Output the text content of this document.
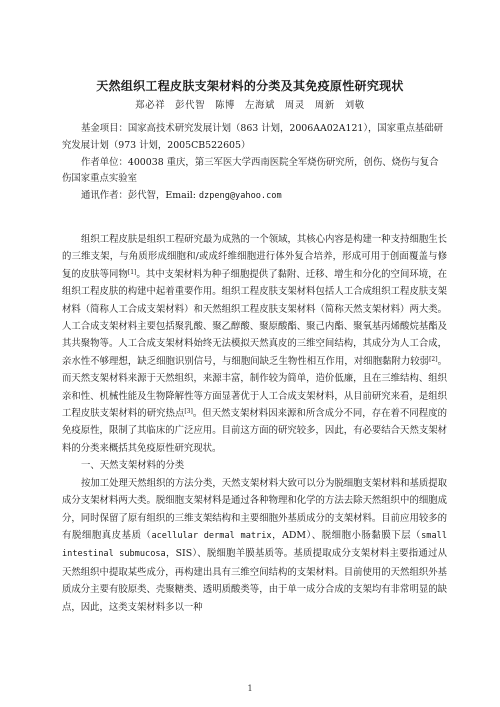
天然组织工程皮肤支架材料的分类及其免疫原性研究现状
郑必祥　彭代智　陈博　左海斌　周灵　周新　刘敬

基金项目：国家高技术研究发展计划（863 计划，2006AA02A121），国家重点基础研究发展计划（973 计划，2005CB522605）

作者单位：400038 重庆，第三军医大学西南医院全军烧伤研究所，创伤、烧伤与复合伤国家重点实验室

通讯作者：彭代智，Email: dzpeng@yahoo.com

组织工程皮肤是组织工程研究最为成熟的一个领域，其核心内容是构建一种支持细胞生长的三维支架，与角质形成细胞和/或成纤维细胞进行体外复合培养，形成可用于创面覆盖与修复的皮肤等同物[1]。其中支架材料为种子细胞提供了黏附、迁移、增生和分化的空间环境，在组织工程皮肤的构建中起着重要作用。组织工程皮肤支架材料包括人工合成组织工程皮肤支架材料（简称人工合成支架材料）和天然组织工程皮肤支架材料（简称天然支架材料）两大类。人工合成支架材料主要包括聚乳酸、聚乙醇酸、聚原酸酯、聚己内酯、聚氧基丙烯酸烷基酯及其共聚物等。人工合成支架材料始终无法模拟天然真皮的三维空间结构，其成分为人工合成，亲水性不够理想，缺乏细胞识别信号，与细胞间缺乏生物性相互作用，对细胞黏附力较弱[2]。而天然支架材料来源于天然组织，来源丰富，制作较为简单，造价低廉，且在三维结构、组织亲和性、机械性能及生物降解性等方面显著优于人工合成支架材料，从目前研究来看，是组织工程皮肤支架材料的研究热点[3]。但天然支架材料因来源和所含成分不同，存在着不同程度的免疫原性，限制了其临床的广泛应用。目前这方面的研究较多，因此，有必要结合天然支架材料的分类来概括其免疫原性研究现状。

一、天然支架材料的分类

按加工处理天然组织的方法分类，天然支架材料大致可以分为脱细胞支架材料和基质提取成分支架材料两大类。脱细胞支架材料是通过各种物理和化学的方法去除天然组织中的细胞成分，同时保留了原有组织的三维支架结构和主要细胞外基质成分的支架材料。目前应用较多的有脱细胞真皮基质（acellular dermal matrix，ADM）、脱细胞小肠黏膜下层（small intestinal submucosa，SIS）、脱细胞羊膜基质等。基质提取成分支架材料主要指通过从天然组织中提取某些成分，再构建出具有三维空间结构的支架材料。目前使用的天然组织外基质成分主要有胶原类、壳聚糖类、透明质酸类等，由于单一成分合成的支架均有非常明显的缺点，因此，这类支架材料多以一种

1
